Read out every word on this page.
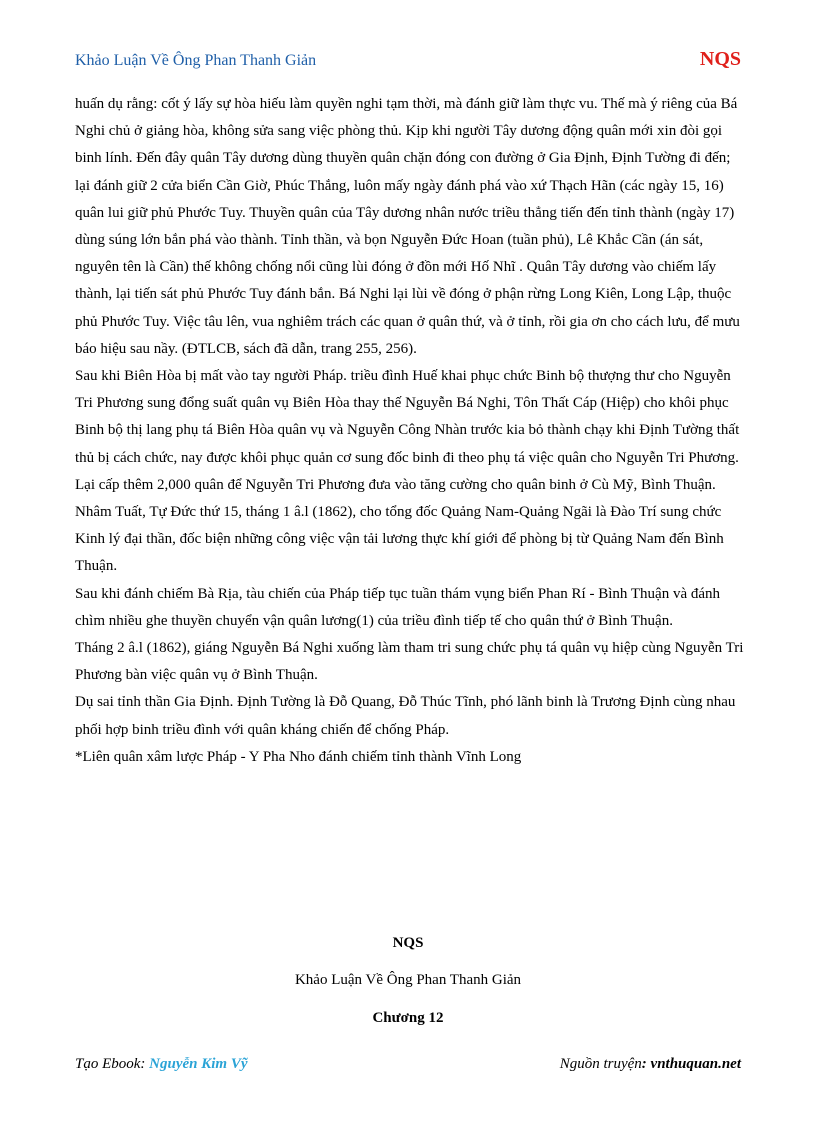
Khảo Luận Về Ông Phan Thanh Giản	NQS

huấn dụ rằng: cốt ý lấy sự hòa hiếu làm quyền nghi tạm thời, mà đánh giữ làm thực vu. Thế mà ý riêng của Bá Nghi chủ ở giảng hòa, không sửa sang việc phòng thủ. Kịp khi người Tây dương động quân mới xin đòi gọi binh lính. Đến đây quân Tây dương dùng thuyền quân chặn đóng con đường ở Gia Định, Định Tường đi đến; lại đánh giữ 2 cửa biển Cần Giờ, Phúc Thắng, luôn mấy ngày đánh phá vào xứ Thạch Hãn (các ngày 15, 16) quân lui giữ phủ Phước Tuy. Thuyền quân của Tây dương nhân nước triều thẳng tiến đến tỉnh thành (ngày 17) dùng súng lớn bắn phá vào thành. Tỉnh thần, và bọn Nguyễn Đức Hoan (tuần phủ), Lê Khắc Cần (án sát, nguyên tên là Cần) thế không chống nổi cũng lùi đóng ở đồn mới Hố Nhĩ . Quân Tây dương vào chiếm lấy thành, lại tiến sát phủ Phước Tuy đánh bắn. Bá Nghi lại lùi về đóng ở phận rừng Long Kiên, Long Lập, thuộc phủ Phước Tuy. Việc tâu lên, vua nghiêm trách các quan ở quân thứ, và ở tỉnh, rồi gia ơn cho cách lưu, để mưu báo hiệu sau nầy. (ĐTLCB, sách đã dẫn, trang 255, 256).

Sau khi Biên Hòa bị mất vào tay người Pháp. triều đình Huế khai phục chức Binh bộ thượng thư cho Nguyễn Tri Phương sung đổng suất quân vụ Biên Hòa thay thế Nguyễn Bá Nghi, Tôn Thất Cáp (Hiệp) cho khôi phục Binh bộ thị lang phụ tá Biên Hòa quân vụ và Nguyễn Công Nhàn trước kia bỏ thành chạy khi Định Tường thất thủ bị cách chức, nay được khôi phục quản cơ sung đốc binh đi theo phụ tá việc quân cho Nguyễn Tri Phương. Lại cấp thêm 2,000 quân để Nguyễn Tri Phương đưa vào tăng cường cho quân binh ở Cù Mỹ, Bình Thuận.

Nhâm Tuất, Tự Đức thứ 15, tháng 1 â.l (1862), cho tổng đốc Quảng Nam-Quảng Ngãi là Đào Trí sung chức Kinh lý đại thần, đốc biện những công việc vận tải lương thực khí giới để phòng bị từ Quảng Nam đến Bình Thuận.

Sau khi đánh chiếm Bà Rịa, tàu chiến của Pháp tiếp tục tuần thám vụng biển Phan Rí - Bình Thuận và đánh chìm nhiều ghe thuyền chuyển vận quân lương(1) của triều đình tiếp tế cho quân thứ ở Bình Thuận.

Tháng 2 â.l (1862), giáng Nguyễn Bá Nghi xuống làm tham tri sung chức phụ tá quân vụ hiệp cùng Nguyễn Tri Phương bàn việc quân vụ ở Bình Thuận.

Dụ sai tỉnh thần Gia Định. Định Tường là Đỗ Quang, Đỗ Thúc Tĩnh, phó lãnh binh là Trương Định cùng nhau phối hợp binh triều đình với quân kháng chiến để chống Pháp.

*Liên quân xâm lược Pháp - Y Pha Nho đánh chiếm tỉnh thành Vĩnh Long

NQS
Khảo Luận Về Ông Phan Thanh Giản
Chương 12
Tạo Ebook: Nguyễn Kim Vỹ	Nguồn truyện: vnthuquan.net
